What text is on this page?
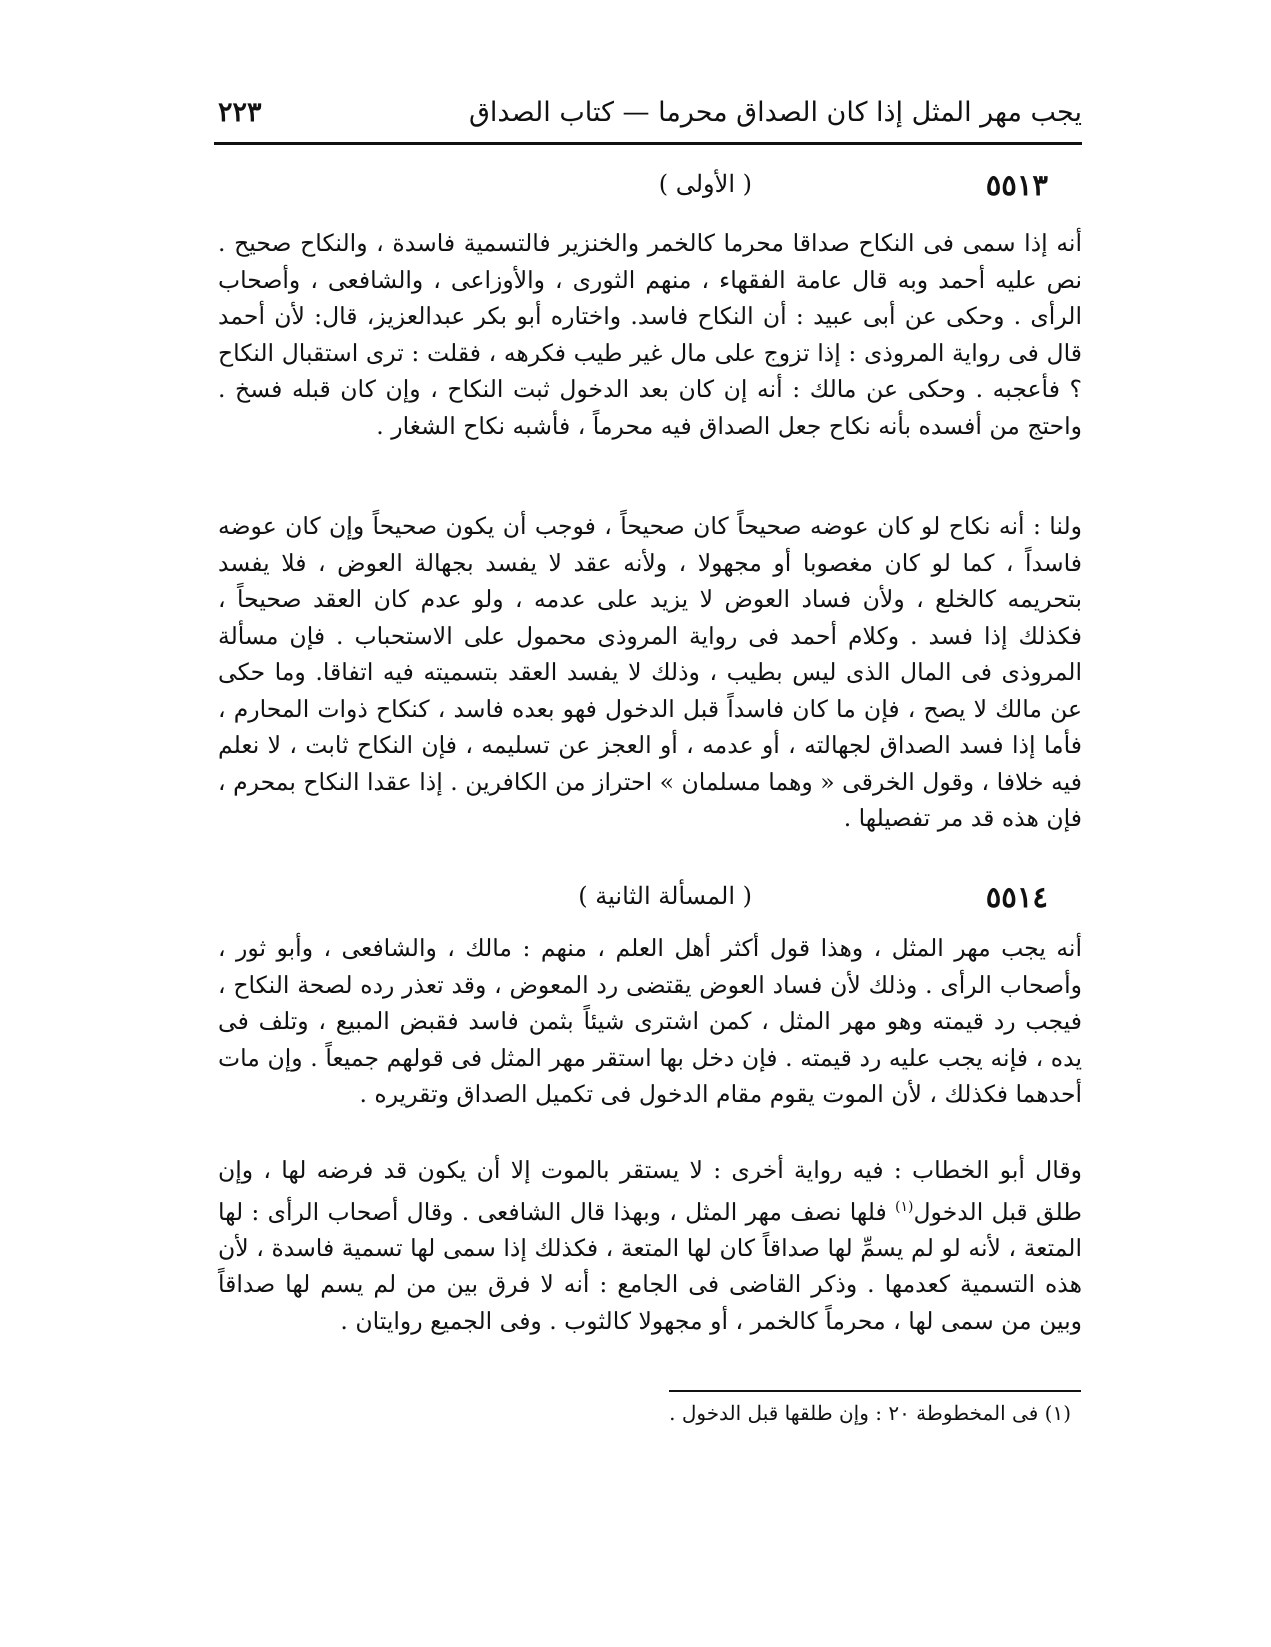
يجب مهر المثل إذا كان الصداق محرما — كتاب الصداق
٢٢٣
٥٥١٣
( الأولى )

أنه إذا سمى فى النكاح صداقا محرما كالخمر والخنزير فالتسمية فاسدة ، والنكاح صحيح . نص عليه أحمد وبه قال عامة الفقهاء ، منهم الثورى ، والأوزاعى ، والشافعى ، وأصحاب الرأى . وحكى عن أبى عبيد : أن النكاح فاسد. واختاره أبو بكر عبدالعزيز، قال: لأن أحمد قال فى رواية المروذى : إذا تزوج على مال غير طيب فكرهه ، فقلت : ترى استقبال النكاح ؟ فأعجبه . وحكى عن مالك : أنه إن كان بعد الدخول ثبت النكاح ، وإن كان قبله فسخ . واحتج من أفسده بأنه نكاح جعل الصداق فيه محرماً ، فأشبه نكاح الشغار .

ولنا : أنه نكاح لو كان عوضه صحيحاً كان صحيحاً ، فوجب أن يكون صحيحاً وإن كان عوضه فاسداً ، كما لو كان مغصوبا أو مجهولا ، ولأنه عقد لا يفسد بجهالة العوض ، فلا يفسد بتحريمه كالخلع ، ولأن فساد العوض لا يزيد على عدمه ، ولو عدم كان العقد صحيحاً ، فكذلك إذا فسد . وكلام أحمد فى رواية المروذى محمول على الاستحباب . فإن مسألة المروذى فى المال الذى ليس بطيب ، وذلك لا يفسد العقد بتسميته فيه اتفاقا. وما حكى عن مالك لا يصح ، فإن ما كان فاسداً قبل الدخول فهو بعده فاسد ، كنكاح ذوات المحارم ، فأما إذا فسد الصداق لجهالته ، أو عدمه ، أو العجز عن تسليمه ، فإن النكاح ثابت ، لا نعلم فيه خلافا ، وقول الخرقى « وهما مسلمان » احتراز من الكافرين . إذا عقدا النكاح بمحرم ، فإن هذه قد مر تفصيلها .

٥٥١٤
( المسألة الثانية )

أنه يجب مهر المثل ، وهذا قول أكثر أهل العلم ، منهم : مالك ، والشافعى ، وأبو ثور ، وأصحاب الرأى . وذلك لأن فساد العوض يقتضى رد المعوض ، وقد تعذر رده لصحة النكاح ، فيجب رد قيمته وهو مهر المثل ، كمن اشترى شيئاً بثمن فاسد فقبض المبيع ، وتلف فى يده ، فإنه يجب عليه رد قيمته . فإن دخل بها استقر مهر المثل فى قولهم جميعاً . وإن مات أحدهما فكذلك ، لأن الموت يقوم مقام الدخول فى تكميل الصداق وتقريره .

وقال أبو الخطاب : فيه رواية أخرى : لا يستقر بالموت إلا أن يكون قد فرضه لها ، وإن طلق قبل الدخول$^{(١)}$ فلها نصف مهر المثل ، وبهذا قال الشافعى . وقال أصحاب الرأى : لها المتعة ، لأنه لو لم يسمِّ لها صداقاً كان لها المتعة ، فكذلك إذا سمى لها تسمية فاسدة ، لأن هذه التسمية كعدمها . وذكر القاضى فى الجامع : أنه لا فرق بين من لم يسم لها صداقاً وبين من سمى لها ، محرماً كالخمر ، أو مجهولا كالثوب . وفى الجميع روايتان .

(١) فى المخطوطة ٢٠ : وإن طلقها قبل الدخول .
